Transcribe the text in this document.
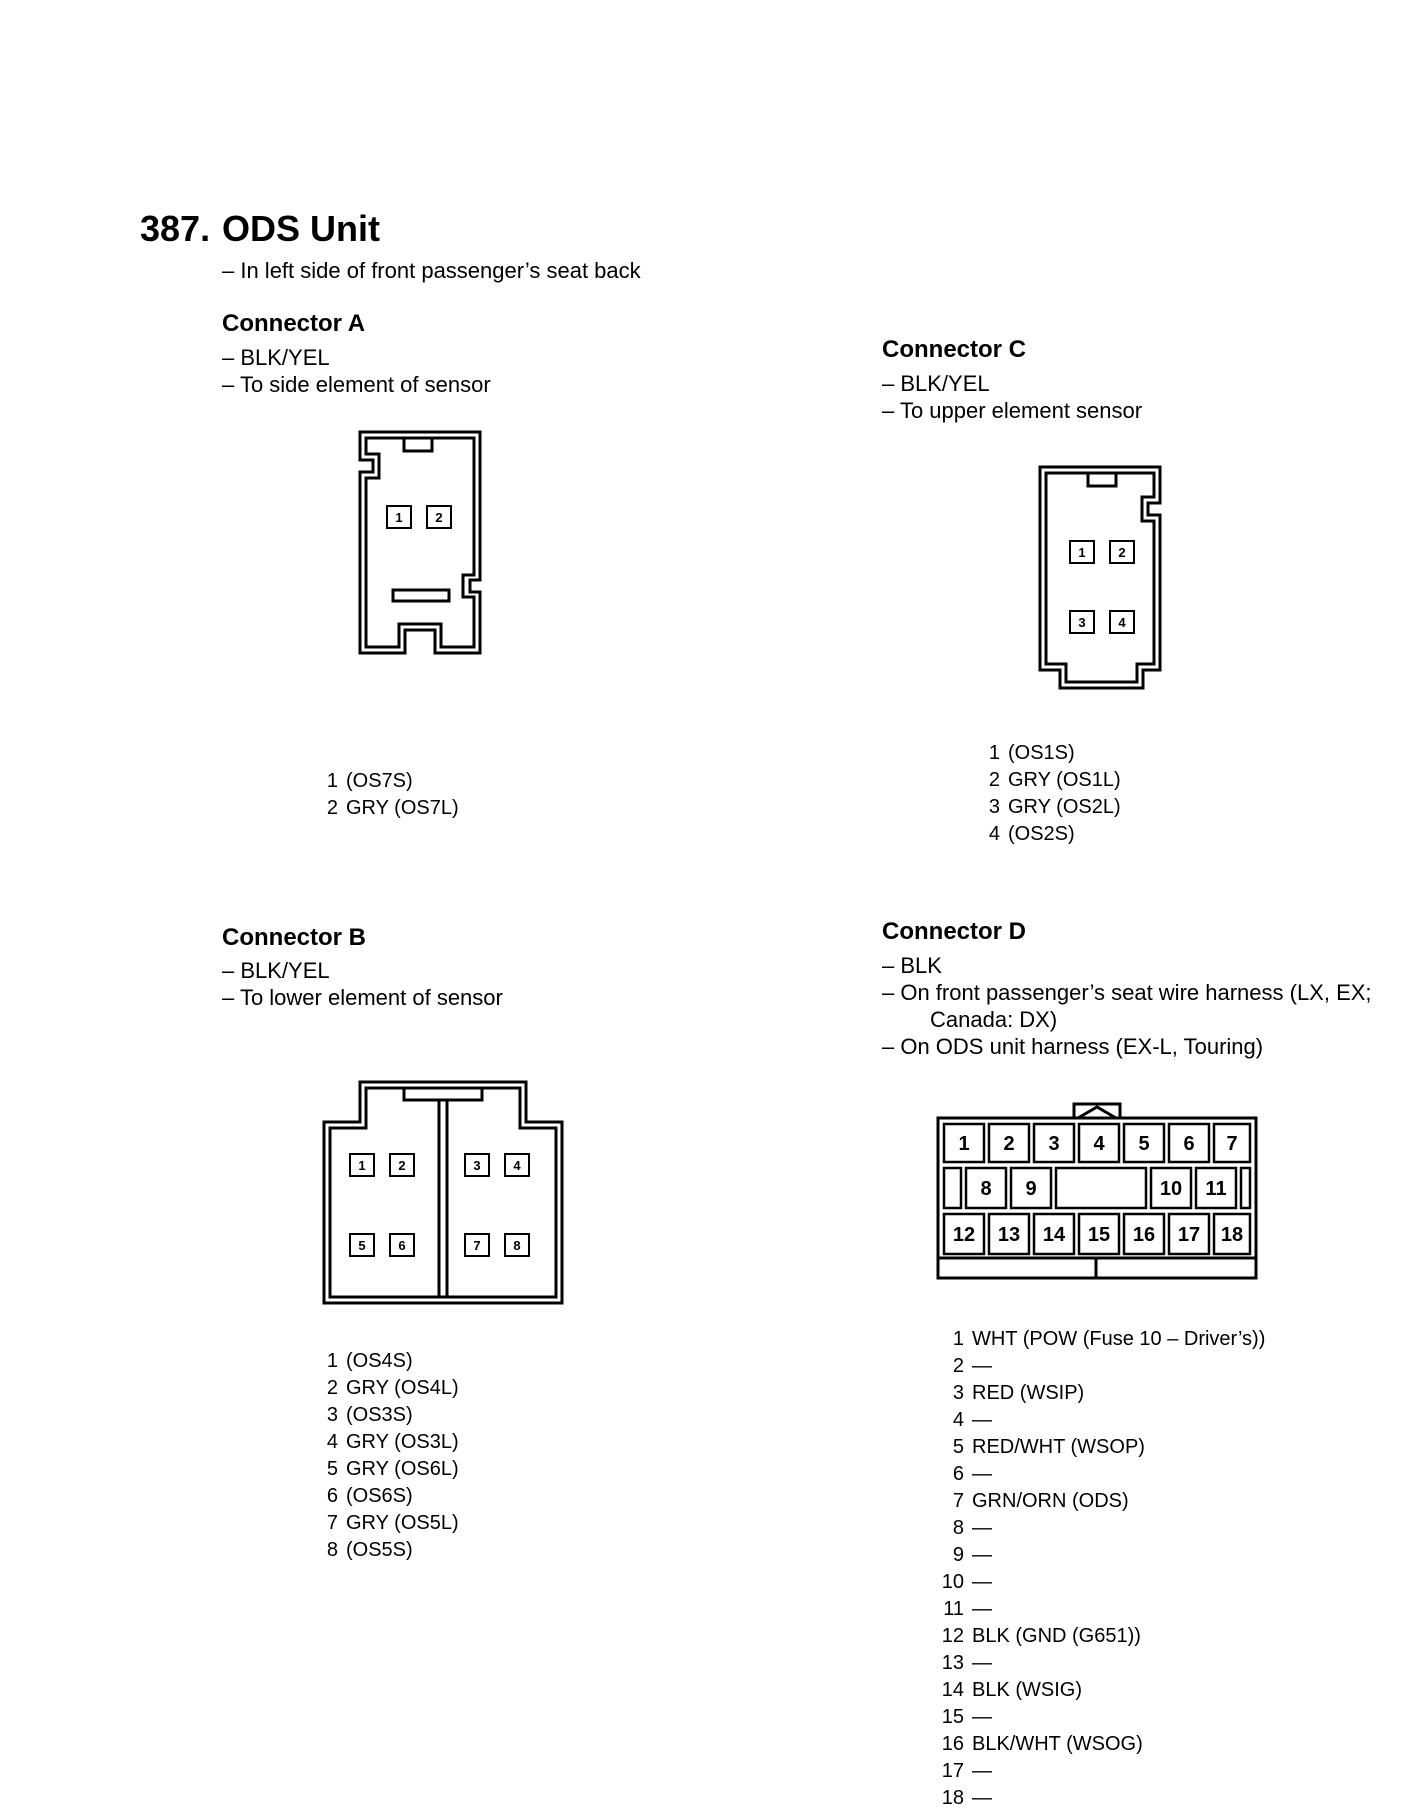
387. ODS Unit
– In left side of front passenger’s seat back
Connector A
– BLK/YEL
– To side element of sensor
1	2
1 (OS7S)
2 GRY (OS7L)
Connector C
– BLK/YEL
– To upper element sensor
1	2
3	4
1 (OS1S)
2 GRY (OS1L)
3 GRY (OS2L)
4 (OS2S)
Connector B
– BLK/YEL
– To lower element of sensor
1	2	3	4
5	6	7	8
1 (OS4S)
2 GRY (OS4L)
3 (OS3S)
4 GRY (OS3L)
5 GRY (OS6L)
6 (OS6S)
7 GRY (OS5L)
8 (OS5S)
Connector D
– BLK
– On front passenger’s seat wire harness (LX, EX;
Canada: DX)
– On ODS unit harness (EX-L, Touring)
1 2 3 4 5 6 7
8 9	10 11
12 13 14 15 16 17 18
1 WHT (POW (Fuse 10 – Driver’s))
2 —
3 RED (WSIP)
4 —
5 RED/WHT (WSOP)
6 —
7 GRN/ORN (ODS)
8 —
9 —
10 —
11 —
12 BLK (GND (G651))
13 —
14 BLK (WSIG)
15 —
16 BLK/WHT (WSOG)
17 —
18 —
